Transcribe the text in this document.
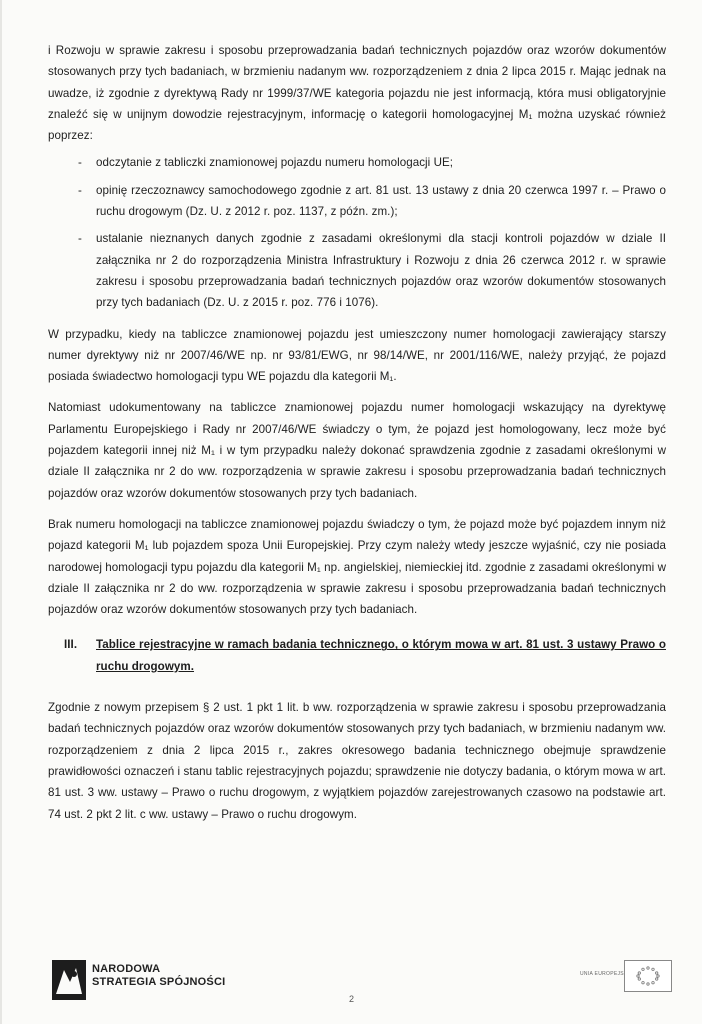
i Rozwoju w sprawie zakresu i sposobu przeprowadzania badań technicznych pojazdów oraz wzorów dokumentów stosowanych przy tych badaniach, w brzmieniu nadanym ww. rozporządzeniem z dnia 2 lipca 2015 r. Mając jednak na uwadze, iż zgodnie z dyrektywą Rady nr 1999/37/WE kategoria pojazdu nie jest informacją, która musi obligatoryjnie znaleźć się w unijnym dowodzie rejestracyjnym, informację o kategorii homologacyjnej M₁ można uzyskać również poprzez:

- odczytanie z tabliczki znamionowej pojazdu numeru homologacji UE;
- opinię rzeczoznawcy samochodowego zgodnie z art. 81 ust. 13 ustawy z dnia 20 czerwca 1997 r. – Prawo o ruchu drogowym (Dz. U. z 2012 r. poz. 1137, z późn. zm.);
- ustalanie nieznanych danych zgodnie z zasadami określonymi dla stacji kontroli pojazdów w dziale II załącznika nr 2 do rozporządzenia Ministra Infrastruktury i Rozwoju z dnia 26 czerwca 2012 r. w sprawie zakresu i sposobu przeprowadzania badań technicznych pojazdów oraz wzorów dokumentów stosowanych przy tych badaniach (Dz. U. z 2015 r. poz. 776 i 1076).

W przypadku, kiedy na tabliczce znamionowej pojazdu jest umieszczony numer homologacji zawierający starszy numer dyrektywy niż nr 2007/46/WE np. nr 93/81/EWG, nr 98/14/WE, nr 2001/116/WE, należy przyjąć, że pojazd posiada świadectwo homologacji typu WE pojazdu dla kategorii M₁.

Natomiast udokumentowany na tabliczce znamionowej pojazdu numer homologacji wskazujący na dyrektywę Parlamentu Europejskiego i Rady nr 2007/46/WE świadczy o tym, że pojazd jest homologowany, lecz może być pojazdem kategorii innej niż M₁ i w tym przypadku należy dokonać sprawdzenia zgodnie z zasadami określonymi w dziale II załącznika nr 2 do ww. rozporządzenia w sprawie zakresu i sposobu przeprowadzania badań technicznych pojazdów oraz wzorów dokumentów stosowanych przy tych badaniach.

Brak numeru homologacji na tabliczce znamionowej pojazdu świadczy o tym, że pojazd może być pojazdem innym niż pojazd kategorii M₁ lub pojazdem spoza Unii Europejskiej. Przy czym należy wtedy jeszcze wyjaśnić, czy nie posiada narodowej homologacji typu pojazdu dla kategorii M₁ np. angielskiej, niemieckiej itd. zgodnie z zasadami określonymi w dziale II załącznika nr 2 do ww. rozporządzenia w sprawie zakresu i sposobu przeprowadzania badań technicznych pojazdów oraz wzorów dokumentów stosowanych przy tych badaniach.

III. Tablice rejestracyjne w ramach badania technicznego, o którym mowa w art. 81 ust. 3 ustawy Prawo o ruchu drogowym.

Zgodnie z nowym przepisem § 2 ust. 1 pkt 1 lit. b ww. rozporządzenia w sprawie zakresu i sposobu przeprowadzania badań technicznych pojazdów oraz wzorów dokumentów stosowanych przy tych badaniach, w brzmieniu nadanym ww. rozporządzeniem z dnia 2 lipca 2015 r., zakres okresowego badania technicznego obejmuje sprawdzenie prawidłowości oznaczeń i stanu tablic rejestracyjnych pojazdu; sprawdzenie nie dotyczy badania, o którym mowa w art. 81 ust. 3 ww. ustawy – Prawo o ruchu drogowym, z wyjątkiem pojazdów zarejestrowanych czasowo na podstawie art. 74 ust. 2 pkt 2 lit. c ww. ustawy – Prawo o ruchu drogowym.

NARODOWA
STRATEGIA SPÓJNOŚCI
2
UNIA EUROPEJSKA
